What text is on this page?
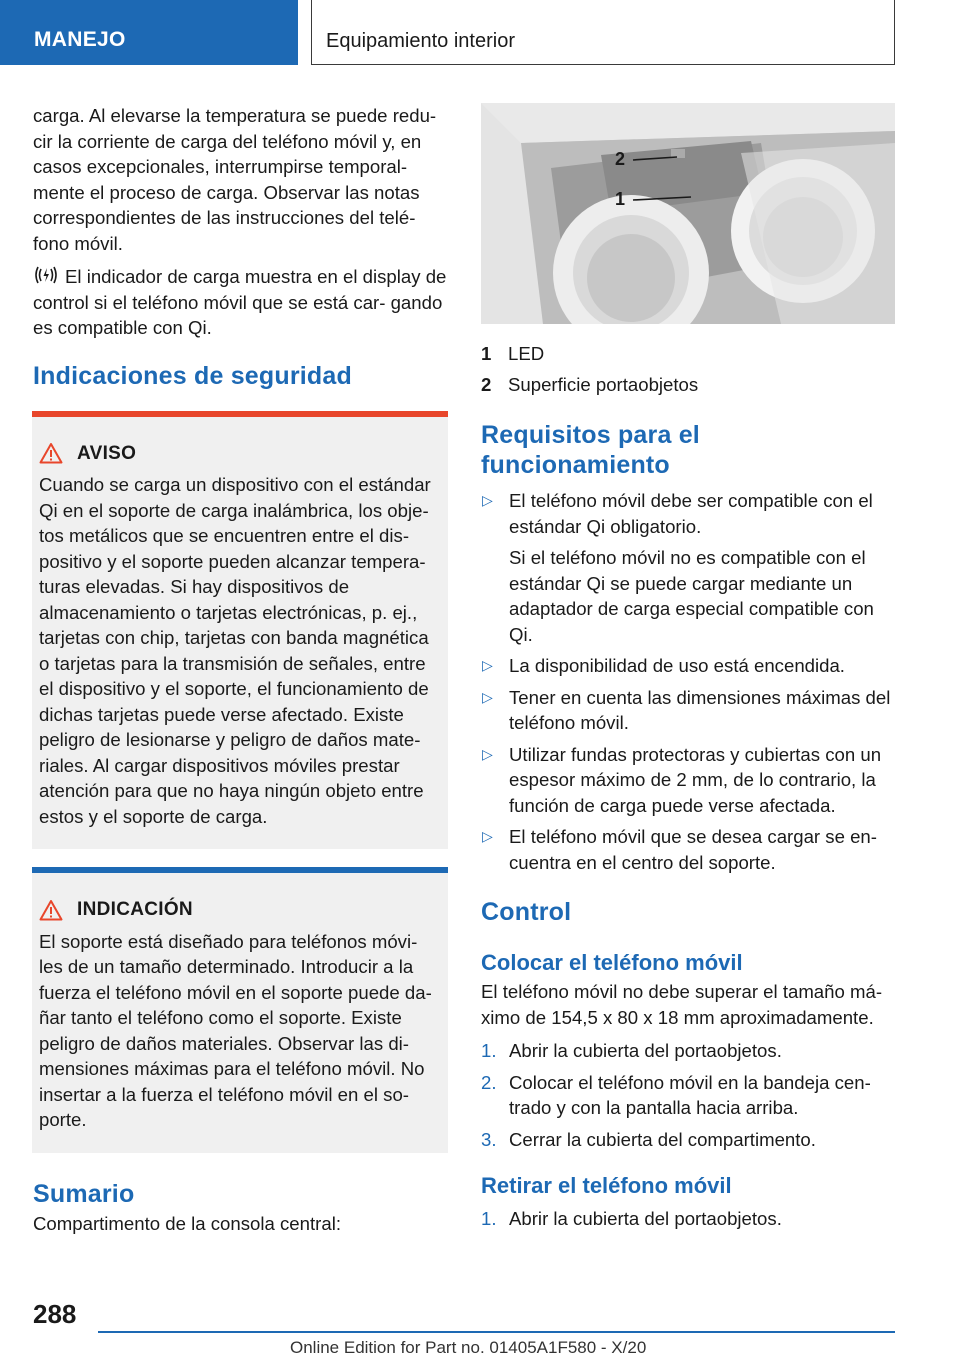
MANEJO	Equipamiento interior

carga. Al elevarse la temperatura se puede redu‐ cir la corriente de carga del teléfono móvil y, en casos excepcionales, interrumpirse temporal‐ mente el proceso de carga. Observar las notas correspondientes de las instrucciones del telé‐ fono móvil.

El indicador de carga muestra en el display de control si el teléfono móvil que se está car‐ gando es compatible con Qi.

Indicaciones de seguridad
AVISO

Cuando se carga un dispositivo con el estándar Qi en el soporte de carga inalámbrica, los obje‐ tos metálicos que se encuentren entre el dis‐ positivo y el soporte pueden alcanzar tempera‐ turas elevadas. Si hay dispositivos de almacenamiento o tarjetas electrónicas, p. ej., tarjetas con chip, tarjetas con banda magnética o tarjetas para la transmisión de señales, entre el dispositivo y el soporte, el funcionamiento de dichas tarjetas puede verse afectado. Existe peligro de lesionarse y peligro de daños mate‐ riales. Al cargar dispositivos móviles prestar atención para que no haya ningún objeto entre estos y el soporte de carga.

INDICACIÓN

El soporte está diseñado para teléfonos móvi‐ les de un tamaño determinado. Introducir a la fuerza el teléfono móvil en el soporte puede da‐ ñar tanto el teléfono como el soporte. Existe peligro de daños materiales. Observar las di‐ mensiones máximas para el teléfono móvil. No insertar a la fuerza el teléfono móvil en el so‐ porte.

Sumario

Compartimento de la consola central:

2
1
1 LED
2 Superficie portaobjetos
Requisitos para el funcionamiento
▷ El teléfono móvil debe ser compatible con el estándar Qi obligatorio.

Si el teléfono móvil no es compatible con el estándar Qi se puede cargar mediante un adaptador de carga especial compatible con Qi.

▷ La disponibilidad de uso está encendida.

▷ Tener en cuenta las dimensiones máximas del teléfono móvil.

▷ Utilizar fundas protectoras y cubiertas con un espesor máximo de 2 mm, de lo contrario, la función de carga puede verse afectada.

▷ El teléfono móvil que se desea cargar se en‐ cuentra en el centro del soporte.

Control
Colocar el teléfono móvil

El teléfono móvil no debe superar el tamaño má‐ ximo de 154,5 x 80 x 18 mm aproximadamente.

1. Abrir la cubierta del portaobjetos.

2. Colocar el teléfono móvil en la bandeja cen‐ trado y con la pantalla hacia arriba.

3. Cerrar la cubierta del compartimento.

Retirar el teléfono móvil
1. Abrir la cubierta del portaobjetos.

288
Online Edition for Part no. 01405A1F580 - X/20
